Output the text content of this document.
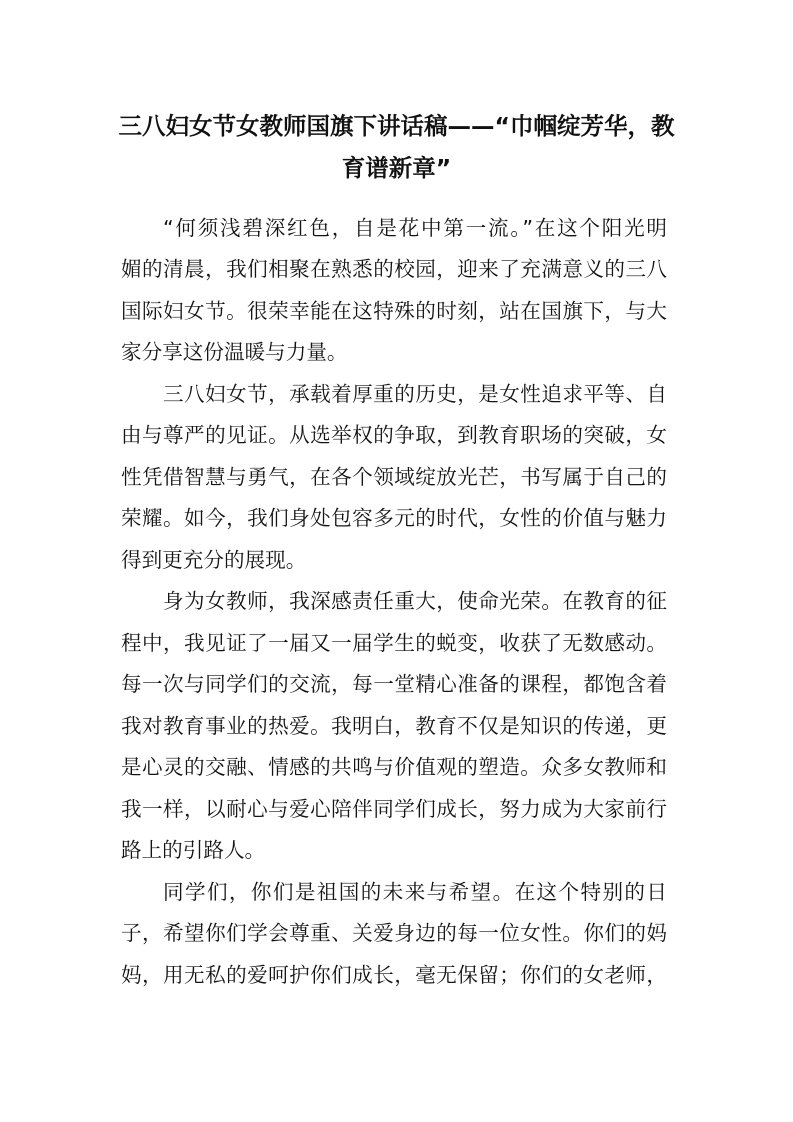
三八妇女节女教师国旗下讲话稿——“巾帼绽芳华，教
育谱新章”
“何须浅碧深红色，自是花中第一流。”在这个阳光明
媚的清晨，我们相聚在熟悉的校园，迎来了充满意义的三八
国际妇女节。很荣幸能在这特殊的时刻，站在国旗下，与大
家分享这份温暖与力量。
三八妇女节，承载着厚重的历史，是女性追求平等、自
由与尊严的见证。从选举权的争取，到教育职场的突破，女
性凭借智慧与勇气，在各个领域绽放光芒，书写属于自己的
荣耀。如今，我们身处包容多元的时代，女性的价值与魅力
得到更充分的展现。
身为女教师，我深感责任重大，使命光荣。在教育的征
程中，我见证了一届又一届学生的蜕变，收获了无数感动。
每一次与同学们的交流，每一堂精心准备的课程，都饱含着
我对教育事业的热爱。我明白，教育不仅是知识的传递，更
是心灵的交融、情感的共鸣与价值观的塑造。众多女教师和
我一样，以耐心与爱心陪伴同学们成长，努力成为大家前行
路上的引路人。
同学们，你们是祖国的未来与希望。在这个特别的日
子，希望你们学会尊重、关爱身边的每一位女性。你们的妈
妈，用无私的爱呵护你们成长，毫无保留；你们的女老师，
